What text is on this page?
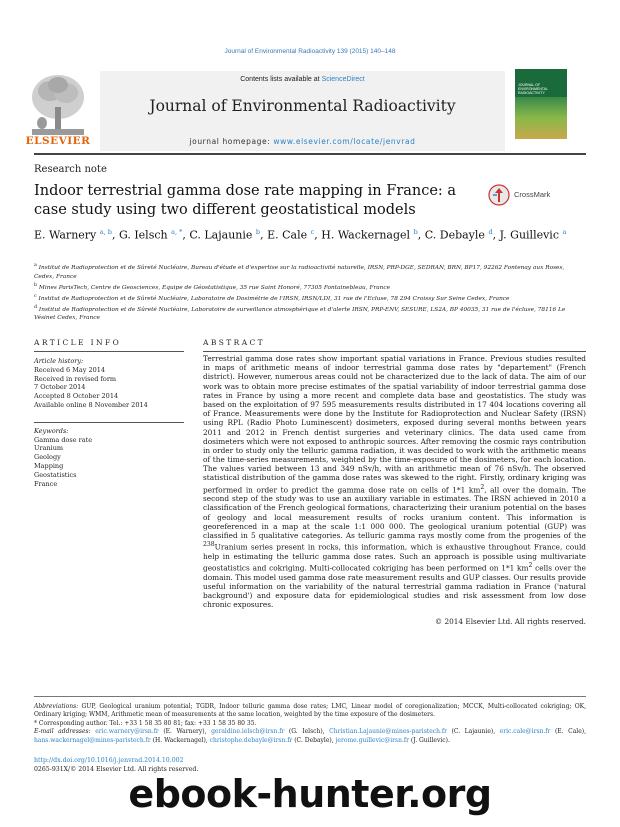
Journal of Environmental Radioactivity 139 (2015) 140–148
Contents lists available at ScienceDirect
Journal of Environmental Radioactivity
journal homepage: www.elsevier.com/locate/jenvrad
ELSEVIER
JOURNAL OF ENVIRONMENTAL RADIOACTIVITY
Research note
Indoor terrestrial gamma dose rate mapping in France: a case study using two different geostatistical models
CrossMark
E. Warnery $^{a, b}$, G. Ielsch $^{a, *}$, C. Lajaunie $^b$, E. Cale $^c$, H. Wackernagel $^b$, C. Debayle $^d$, J. Guillevic $^a$

$^a$ Institut de Radioprotection et de Sûreté Nucléaire, Bureau d'étude et d'expertise sur la radioactivité naturelle, IRSN, PRP-DGE, SEDRAN, BRN, BP17, 92262 Fontenay aux Roses, Cedex, France

$^b$ Mines ParisTech, Centre de Geosciences, Equipe de Géostatistique, 35 rue Saint Honoré, 77305 Fontainebleau, France

$^c$ Institut de Radioprotection et de Sûreté Nucléaire, Laboratoire de Dosimétrie de l'IRSN, IRSN/LDI, 31 rue de l'Ecluse, 78 294 Croissy Sur Seine Cedex, France

$^d$ Institut de Radioprotection et de Sûreté Nucléaire, Laboratoire de surveillance atmosphérique et d'alerte IRSN, PRP-ENV, SESURE, LS2A, BP 40035, 31 rue de l'écluse, 78116 Le Vésinet Cedex, France

ARTICLE INFO	ABSTRACT

Article history:

Received 6 May 2014

Received in revised form

7 October 2014

Accepted 8 October 2014

Available online 8 November 2014

Keywords:

Gamma dose rate

Uranium

Geology

Mapping

Geostatistics

France

Terrestrial gamma dose rates show important spatial variations in France. Previous studies resulted in maps of arithmetic means of indoor terrestrial gamma dose rates by "departement" (French district). However, numerous areas could not be characterized due to the lack of data. The aim of our work was to obtain more precise estimates of the spatial variability of indoor terrestrial gamma dose rates in France by using a more recent and complete data base and geostatistics. The study was based on the exploitation of 97 595 measurements results distributed in 17 404 locations covering all of France. Measurements were done by the Institute for Radioprotection and Nuclear Safety (IRSN) using RPL (Radio Photo Luminescent) dosimeters, exposed during several months between years 2011 and 2012 in French dentist surgeries and veterinary clinics. The data used came from dosimeters which were not exposed to anthropic sources. After removing the cosmic rays contribution in order to study only the telluric gamma radiation, it was decided to work with the arithmetic means of the time-series measurements, weighted by the time-exposure of the dosimeters, for each location. The values varied between 13 and 349 nSv/h, with an arithmetic mean of 76 nSv/h. The observed statistical distribution of the gamma dose rates was skewed to the right. Firstly, ordinary kriging was performed in order to predict the gamma dose rate on cells of 1*1 $km^2$, all over the domain. The second step of the study was to use an auxiliary variable in estimates. The IRSN achieved in 2010 a classification of the French geological formations, characterizing their uranium potential on the bases of geology and local measurement results of rocks uranium content. This information is georeferenced in a map at the scale 1:1 000 000. The geological uranium potential (GUP) was classified in 5 qualitative categories. As telluric gamma rays mostly come from the progenies of the $^{238}$Uranium series present in rocks, this information, which is exhaustive throughout France, could help in estimating the telluric gamma dose rates. Such an approach is possible using multivariate geostatistics and cokriging. Multi-collocated cokriging has been performed on 1*1 $km^2$ cells over the domain. This model used gamma dose rate measurement results and GUP classes. Our results provide useful information on the variability of the natural terrestrial gamma radiation in France ('natural background') and exposure data for epidemiological studies and risk assessment from low dose chronic exposures.

© 2014 Elsevier Ltd. All rights reserved.

Abbreviations: GUP, Geological uranium potential; TGDR, Indoor telluric gamma dose rates; LMC, Linear model of coregionalization; MCCK, Multi-collocated cokriging; OK, Ordinary kriging; WMM, Arithmetic mean of measurements at the same location, weighted by the time exposure of the dosimeters.

* Corresponding author. Tel.: +33 1 58 35 80 81; fax: +33 1 58 35 80 35.

E-mail addresses: eric.warnery@irsn.fr (E. Warnery), geraldine.ielsch@irsn.fr (G. Ielsch), Christian.Lajaunie@mines-paristech.fr (C. Lajaunie), eric.cale@irsn.fr (E. Cale), hans.wackernagel@mines-paristech.fr (H. Wackernagel), christophe.debayle@irsn.fr (C. Debayle), jerome.guillevic@irsn.fr (J. Guillevic).

http://dx.doi.org/10.1016/j.jenvrad.2014.10.002
0265-931X/© 2014 Elsevier Ltd. All rights reserved.
ebook-hunter.org
